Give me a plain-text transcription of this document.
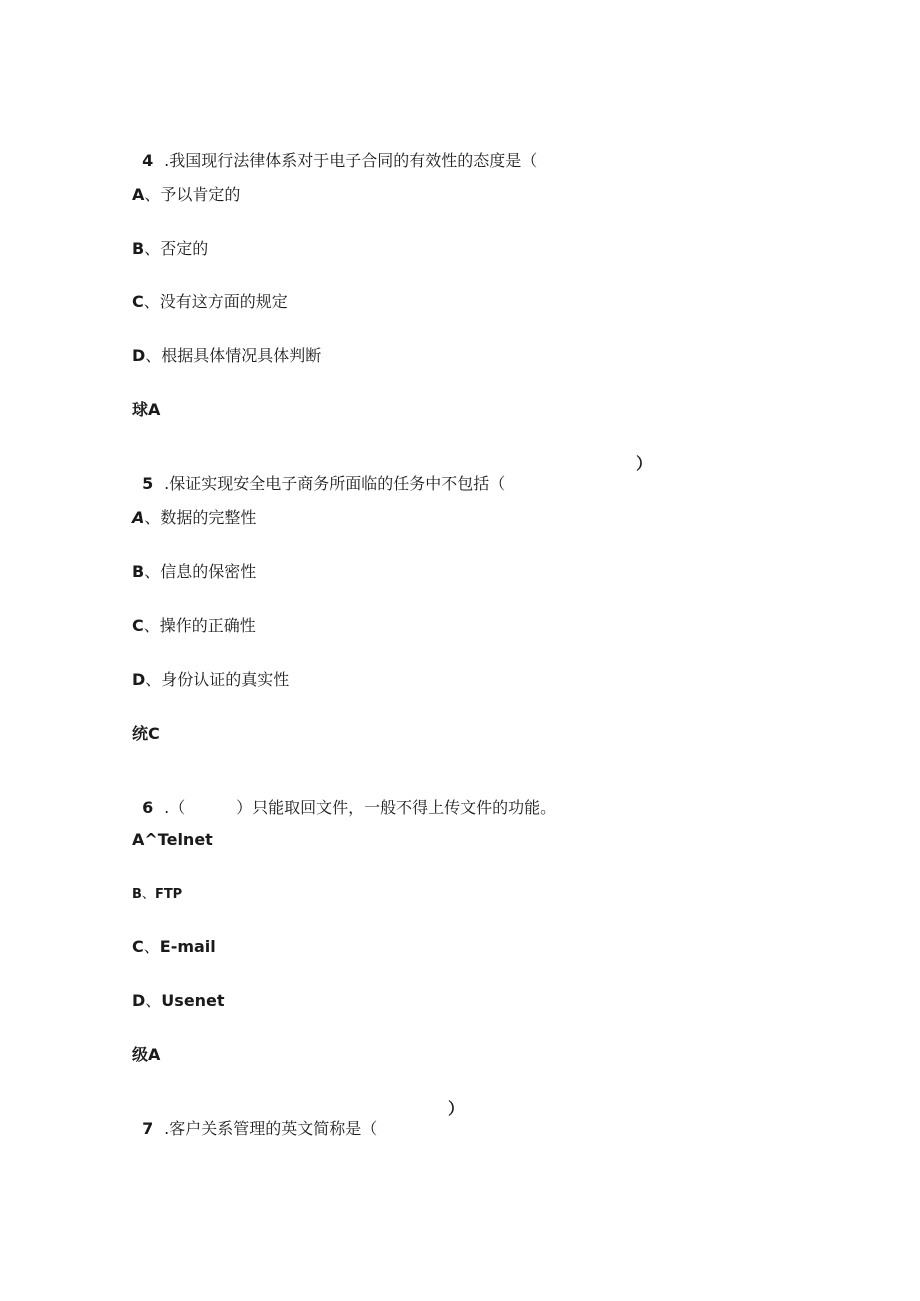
4 .我国现行法律体系对于电子合同的有效性的态度是（

A、予以肯定的
B、否定的
C、没有这方面的规定
D、根据具体情况具体判断
球A

5 .保证实现安全电子商务所面临的任务中不包括（
）

A、数据的完整性
B、信息的保密性
C、操作的正确性
D、身份认证的真实性
统C

6 .（          ）只能取回文件，一般不得上传文件的功能。

A^Telnet
B、FTP
C、E-mail
D、Usenet
级A

7 .客户关系管理的英文简称是（
）
